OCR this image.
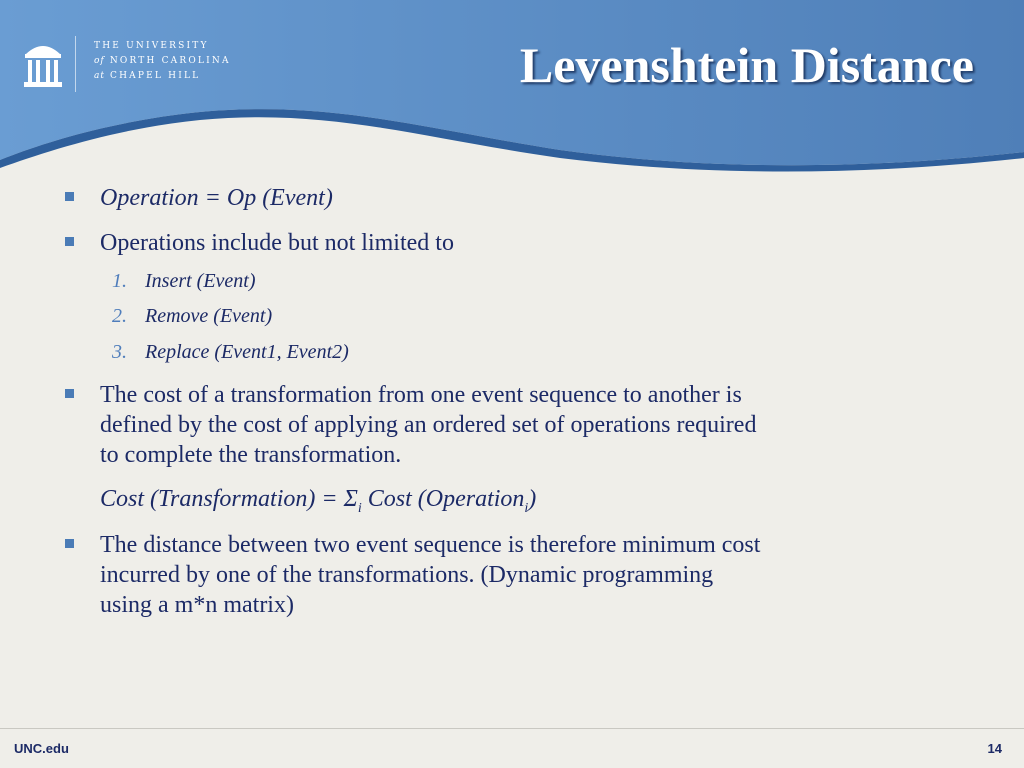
THE UNIVERSITY
of NORTH CAROLINA
at CHAPEL HILL	Levenshtein Distance
Operation = Op (Event)
Operations include but not limited to
1. Insert (Event)
2. Remove (Event)
3. Replace (Event1, Event2)
The cost of a transformation from one event sequence to another is
defined by the cost of applying an ordered set of operations required
to complete the transformation.
Cost (Transformation) = $\Sigma_i$ Cost (Operation$_i$)
The distance between two event sequence is therefore minimum cost
incurred by one of the transformations. (Dynamic programming
using a m*n matrix)
UNC.edu	14
